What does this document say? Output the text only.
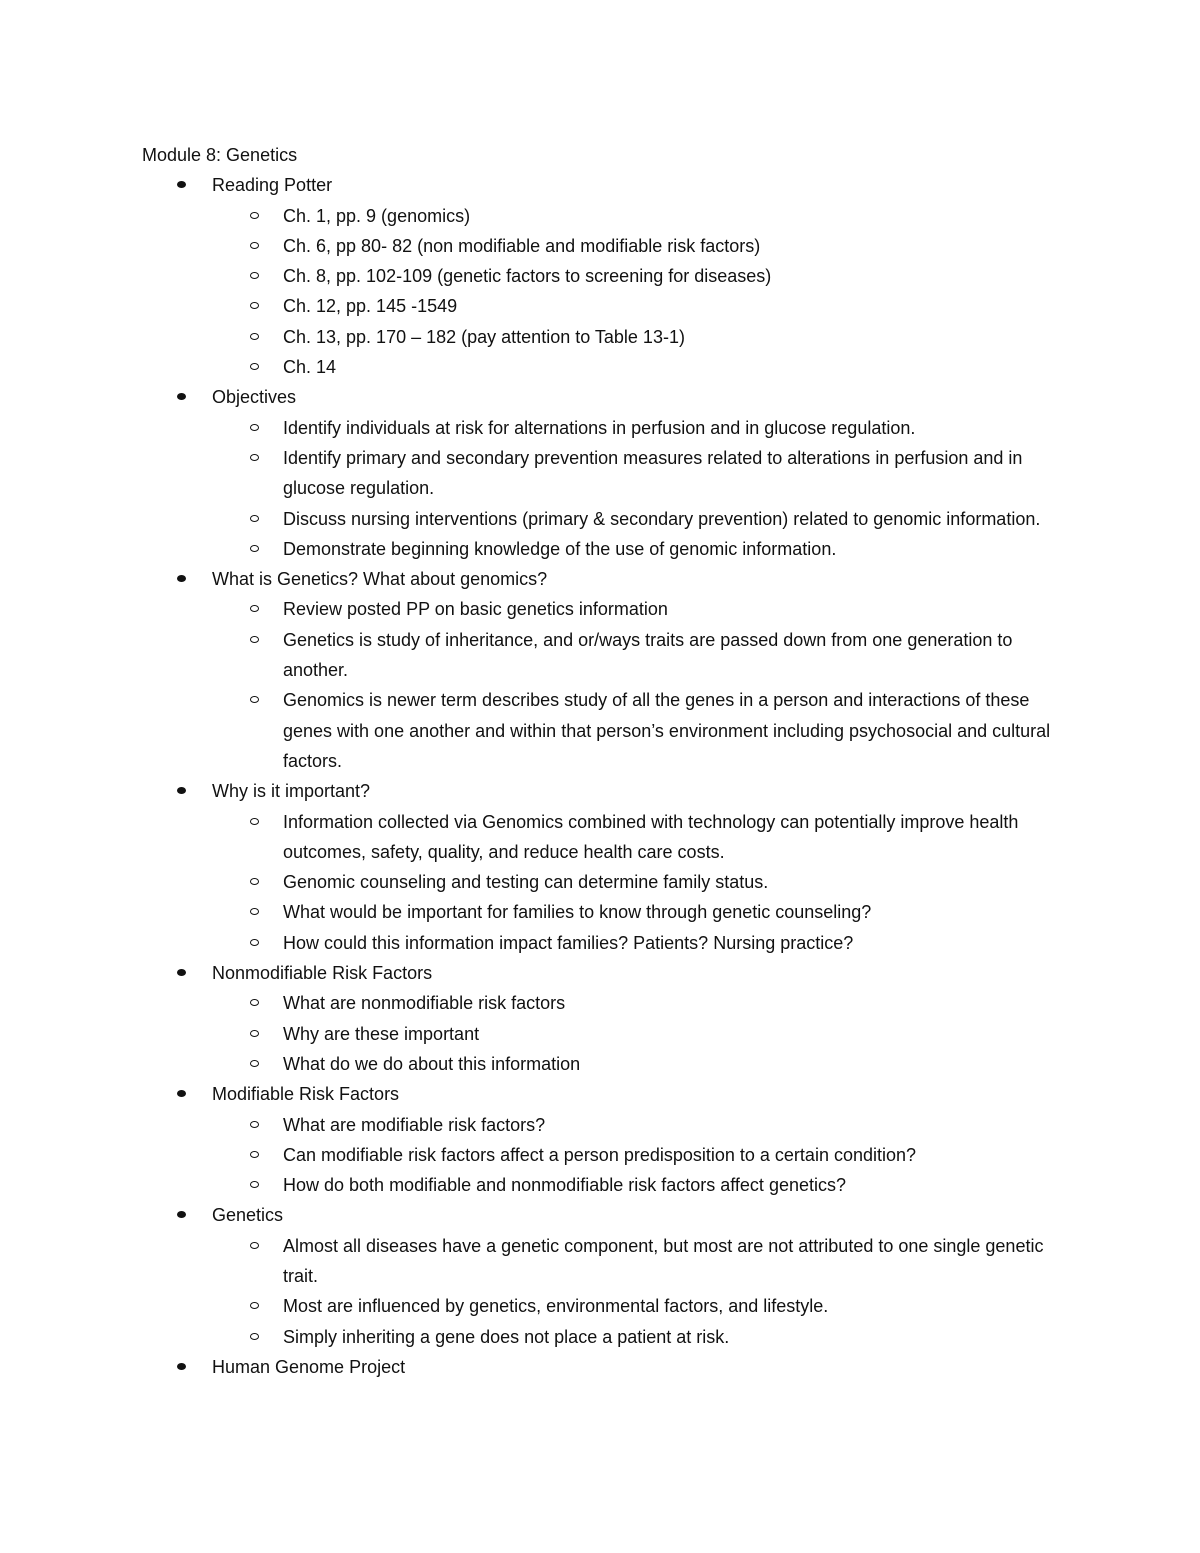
Module 8: Genetics
Reading Potter
Ch. 1, pp. 9 (genomics)
Ch. 6, pp 80- 82 (non modifiable and modifiable risk factors)
Ch. 8, pp. 102-109 (genetic factors to screening for diseases)
Ch. 12, pp. 145 -1549
Ch. 13, pp. 170 – 182 (pay attention to Table 13-1)
Ch. 14
Objectives
Identify individuals at risk for alternations in perfusion and in glucose regulation.
Identify primary and secondary prevention measures related to alterations in perfusion and in glucose regulation.
Discuss nursing interventions (primary & secondary prevention) related to genomic information.
Demonstrate beginning knowledge of the use of genomic information.
What is Genetics? What about genomics?
Review posted PP on basic genetics information
Genetics is study of inheritance, and or/ways traits are passed down from one generation to another.
Genomics is newer term describes study of all the genes in a person and interactions of these genes with one another and within that person’s environment including psychosocial and cultural factors.
Why is it important?
Information collected via Genomics combined with technology can potentially improve health outcomes, safety, quality, and reduce health care costs.
Genomic counseling and testing can determine family status.
What would be important for families to know through genetic counseling?
How could this information impact families? Patients? Nursing practice?
Nonmodifiable Risk Factors
What are nonmodifiable risk factors
Why are these important
What do we do about this information
Modifiable Risk Factors
What are modifiable risk factors?
Can modifiable risk factors affect a person predisposition to a certain condition?
How do both modifiable and nonmodifiable risk factors affect genetics?
Genetics
Almost all diseases have a genetic component, but most are not attributed to one single genetic trait.
Most are influenced by genetics, environmental factors, and lifestyle.
Simply inheriting a gene does not place a patient at risk.
Human Genome Project
